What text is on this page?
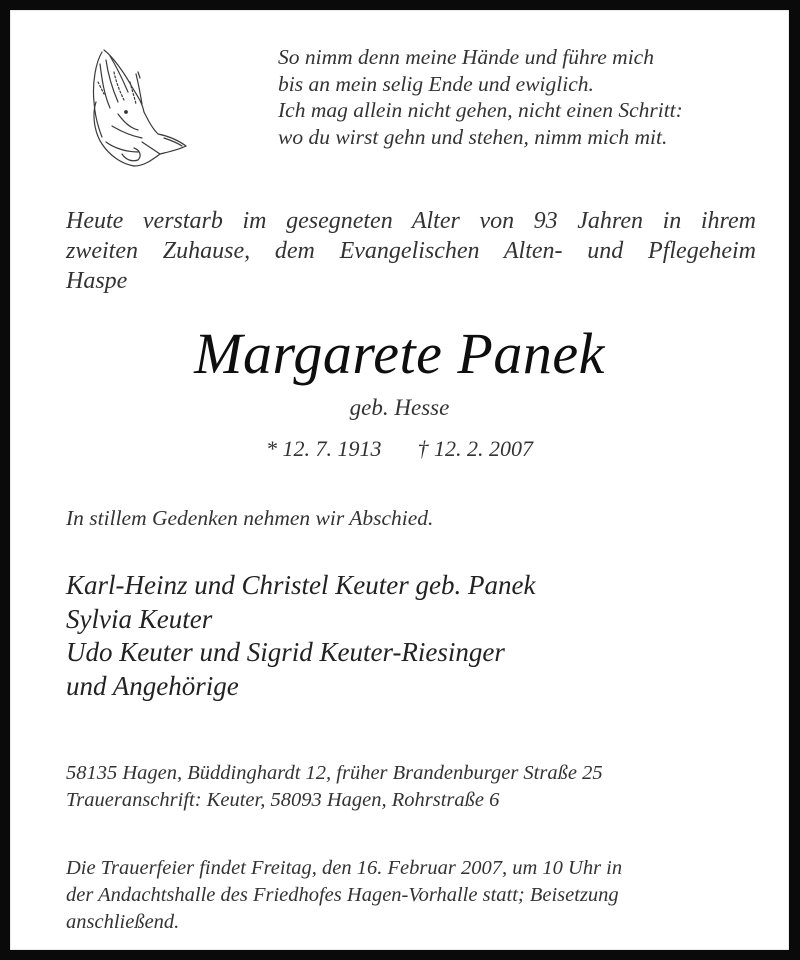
So nimm denn meine Hände und führe mich
bis an mein selig Ende und ewiglich.
Ich mag allein nicht gehen, nicht einen Schritt:
wo du wirst gehn und stehen, nimm mich mit.
Heute verstarb im gesegneten Alter von 93 Jahren in ihrem
zweiten Zuhause, dem Evangelischen Alten- und Pflegeheim
Haspe
Margarete Panek
geb. Hesse
* 12. 7. 1913 † 12. 2. 2007
In stillem Gedenken nehmen wir Abschied.
Karl-Heinz und Christel Keuter geb. Panek
Sylvia Keuter
Udo Keuter und Sigrid Keuter-Riesinger
und Angehörige
58135 Hagen, Büddinghardt 12, früher Brandenburger Straße 25
Traueranschrift: Keuter, 58093 Hagen, Rohrstraße 6
Die Trauerfeier findet Freitag, den 16. Februar 2007, um 10 Uhr in
der Andachtshalle des Friedhofes Hagen-Vorhalle statt; Beisetzung
anschließend.
